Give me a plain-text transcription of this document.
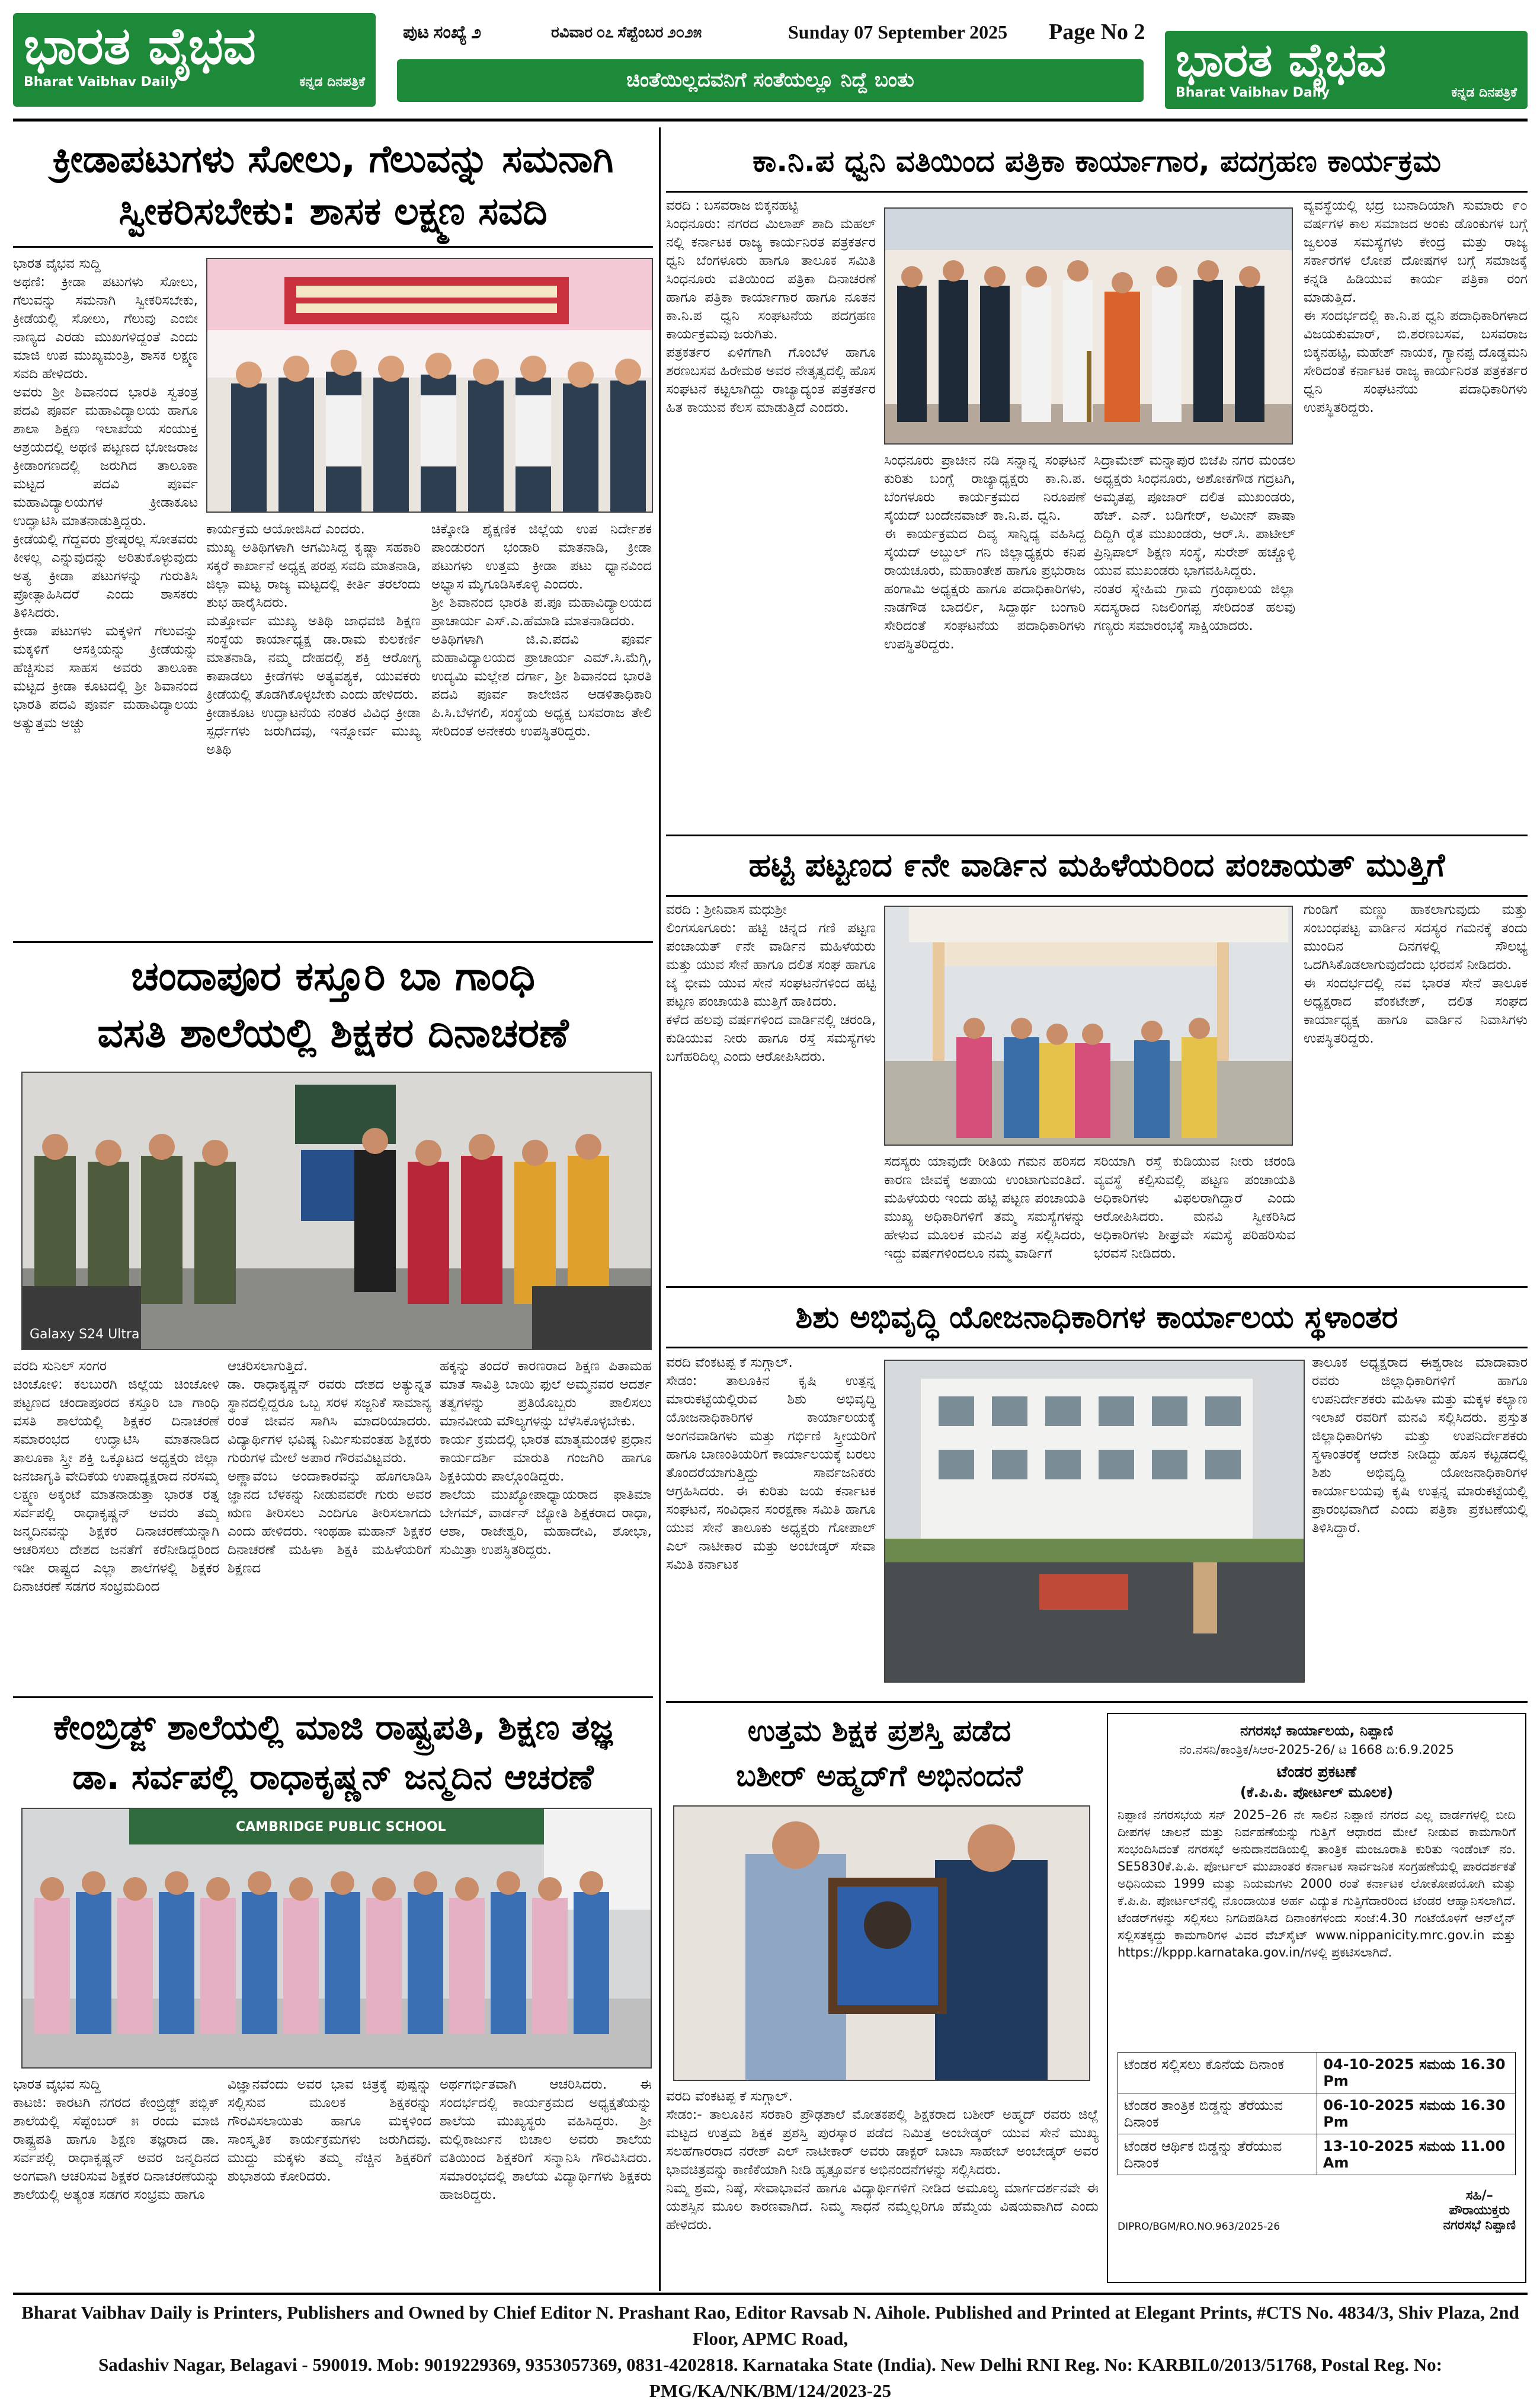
ಭಾರತ ವೈಭವ
Bharat Vaibhav Daily	ಕನ್ನಡ ದಿನಪತ್ರಿಕೆ
ಪುಟ ಸಂಖ್ಯೆ ೨	ರವಿವಾರ ೦೭ ಸೆಪ್ಟೆಂಬರ ೨೦೨೫	Sunday 07 September 2025 Page No 2
ಚಿಂತೆಯಿಲ್ಲದವನಿಗೆ ಸಂತೆಯಲ್ಲೂ ನಿದ್ದೆ ಬಂತು	ಭಾರತ ವೈಭವ
Bharat Vaibhav Daily	ಕನ್ನಡ ದಿನಪತ್ರಿಕೆ
ಕ್ರೀಡಾಪಟುಗಳು ಸೋಲು, ಗೆಲುವನ್ನು ಸಮನಾಗಿ
ಸ್ವೀಕರಿಸಬೇಕು: ಶಾಸಕ ಲಕ್ಷ್ಮಣ ಸವದಿ
ಭಾರತ ವೈಭವ ಸುದ್ದಿ
ಅಥಣಿ: ಕ್ರೀಡಾ ಪಟುಗಳು ಸೋಲು, ಗೆಲುವನ್ನು ಸಮನಾಗಿ ಸ್ವೀಕರಿಸಬೇಕು, ಕ್ರೀಡೆಯಲ್ಲಿ ಸೋಲು, ಗೆಲುವು ಎಂಬೀ ನಾಣ್ಯದ ಎರಡು ಮುಖಗಳಿದ್ದಂತೆ ಎಂದು ಮಾಜಿ ಉಪ ಮುಖ್ಯಮಂತ್ರಿ, ಶಾಸಕ ಲಕ್ಷ್ಮಣ ಸವದಿ ಹೇಳಿದರು.
ಅವರು ಶ್ರೀ ಶಿವಾನಂದ ಭಾರತಿ ಸ್ವತಂತ್ರ ಪದವಿ ಪೂರ್ವ ಮಹಾವಿದ್ಯಾಲಯ ಹಾಗೂ ಶಾಲಾ ಶಿಕ್ಷಣ ಇಲಾಖೆಯ ಸಂಯುಕ್ತ ಆಶ್ರಯದಲ್ಲಿ ಅಥಣಿ ಪಟ್ಟಣದ ಭೋಜರಾಜ ಕ್ರೀಡಾಂಗಣದಲ್ಲಿ ಜರುಗಿದ ತಾಲೂಕಾ ಮಟ್ಟದ ಪದವಿ ಪೂರ್ವ ಮಹಾವಿದ್ಯಾಲಯಗಳ ಕ್ರೀಡಾಕೂಟ ಉದ್ಘಾಟಿಸಿ ಮಾತನಾಡುತ್ತಿದ್ದರು.
ಕ್ರೀಡೆಯಲ್ಲಿ ಗೆದ್ದವರು ಶ್ರೇಷ್ಠರಲ್ಲ ಸೋತವರು ಕೀಳಲ್ಲ ಎನ್ನುವುದನ್ನು ಅರಿತುಕೊಳ್ಳುವುದು ಅತ್ಯ ಕ್ರೀಡಾ ಪಟುಗಳನ್ನು ಗುರುತಿಸಿ ಪ್ರೋತ್ಸಾಹಿಸಿದರೆ ಎಂದು ಶಾಸಕರು ತಿಳಿಸಿದರು.
ಕ್ರೀಡಾ ಪಟುಗಳು ಮಕ್ಕಳಿಗೆ ಗೆಲುವನ್ನು ಮಕ್ಕಳಿಗೆ ಆಸಕ್ತಿಯನ್ನು ಕ್ರೀಡೆಯನ್ನು ಹೆಚ್ಚಿಸುವ ಸಾಹಸ ಅವರು ತಾಲೂಕಾ ಮಟ್ಟದ ಕ್ರೀಡಾ ಕೂಟದಲ್ಲಿ ಶ್ರೀ ಶಿವಾನಂದ ಭಾರತಿ ಪದವಿ ಪೂರ್ವ ಮಹಾವಿದ್ಯಾಲಯ ಅತ್ಯುತ್ತಮ ಅಚ್ಚು
ಕಾರ್ಯಕ್ರಮ ಆಯೋಜಿಸಿದೆ ಎಂದರು.
ಮುಖ್ಯ ಅತಿಥಿಗಳಾಗಿ ಆಗಮಿಸಿದ್ದ ಕೃಷ್ಣಾ ಸಹಕಾರಿ ಸಕ್ಕರೆ ಕಾರ್ಖಾನೆ ಅಧ್ಯಕ್ಷ ಪರಪ್ಪ ಸವದಿ ಮಾತನಾಡಿ, ಜಿಲ್ಲಾ ಮಟ್ಟ ರಾಜ್ಯ ಮಟ್ಟದಲ್ಲಿ ಕೀರ್ತಿ ತರಲೆಂದು ಶುಭ ಹಾರೈಸಿದರು.
ಮತ್ತೋರ್ವ ಮುಖ್ಯ ಅತಿಥಿ ಜಾಧವಜಿ ಶಿಕ್ಷಣ ಸಂಸ್ಥೆಯ ಕಾರ್ಯಾಧ್ಯಕ್ಷ ಡಾ.ರಾಮ ಕುಲಕರ್ಣಿ ಮಾತನಾಡಿ, ನಮ್ಮ ದೇಹದಲ್ಲಿ ಶಕ್ತಿ ಆರೋಗ್ಯ ಕಾಪಾಡಲು ಕ್ರೀಡೆಗಳು ಅತ್ಯವಶ್ಯಕ, ಯುವಕರು ಕ್ರೀಡೆಯಲ್ಲಿ ತೊಡಗಿಕೊಳ್ಳಬೇಕು ಎಂದು ಹೇಳಿದರು.
ಕ್ರೀಡಾಕೂಟ ಉದ್ಘಾಟನೆಯ ನಂತರ ವಿವಿಧ ಕ್ರೀಡಾ ಸ್ಪರ್ಧೆಗಳು ಜರುಗಿದವು, ಇನ್ನೋರ್ವ ಮುಖ್ಯ ಅತಿಥಿ
ಚಿಕ್ಕೋಡಿ ಶೈಕ್ಷಣಿಕ ಜಿಲ್ಲೆಯ ಉಪ ನಿರ್ದೇಶಕ ಪಾಂಡುರಂಗ ಭಂಡಾರಿ ಮಾತನಾಡಿ, ಕ್ರೀಡಾ ಪಟುಗಳು ಉತ್ತಮ ಕ್ರೀಡಾ ಪಟು ಧ್ಯಾನವಿಂದ ಅಭ್ಯಾಸ ಮೈಗೂಡಿಸಿಕೊಳ್ಳಿ ಎಂದರು.
ಶ್ರೀ ಶಿವಾನಂದ ಭಾರತಿ ಪ.ಪೂ ಮಹಾವಿದ್ಯಾಲಯದ ಪ್ರಾಚಾರ್ಯ ಎಸ್.ಎ.ಹೆಮಾಡಿ ಮಾತನಾಡಿದರು.
ಅತಿಥಿಗಳಾಗಿ ಜಿ.ಎ.ಪದವಿ ಪೂರ್ವ ಮಹಾವಿದ್ಯಾಲಯದ ಪ್ರಾಚಾರ್ಯ ಎಮ್.ಸಿ.ಮೆಗ್ಗಿ, ಉದ್ಯಮಿ ಮಲ್ಲೇಶ ದರ್ಗಾ, ಶ್ರೀ ಶಿವಾನಂದ ಭಾರತಿ ಪದವಿ ಪೂರ್ವ ಕಾಲೇಜಿನ ಆಡಳಿತಾಧಿಕಾರಿ ಪಿ.ಸಿ.ಬೆಳಗಲಿ, ಸಂಸ್ಥೆಯ ಅಧ್ಯಕ್ಷ ಬಸವರಾಜ ತೇಲಿ ಸೇರಿದಂತೆ ಅನೇಕರು ಉಪಸ್ಥಿತರಿದ್ದರು.
ಚಂದಾಪೂರ ಕಸ್ತೂರಿ ಬಾ ಗಾಂಧಿ
ವಸತಿ ಶಾಲೆಯಲ್ಲಿ ಶಿಕ್ಷಕರ ದಿನಾಚರಣೆ
Galaxy S24 Ultra
ವರದಿ ಸುನಿಲ್ ಸಂಗರ
ಚಿಂಚೋಳಿ: ಕಲಬುರಗಿ ಜಿಲ್ಲೆಯ ಚಿಂಚೋಳಿ ಪಟ್ಟಣದ ಚಂದಾಪೂರದ ಕಸ್ತೂರಿ ಬಾ ಗಾಂಧಿ ವಸತಿ ಶಾಲೆಯಲ್ಲಿ ಶಿಕ್ಷಕರ ದಿನಾಚರಣೆ ಸಮಾರಂಭದ ಉದ್ಘಾಟಿಸಿ ಮಾತನಾಡಿದ ತಾಲೂಕಾ ಸ್ತ್ರೀ ಶಕ್ತಿ ಒಕ್ಕೂಟದ ಅಧ್ಯಕ್ಷರು ಜಿಲ್ಲಾ ಜನಜಾಗೃತಿ ವೇದಿಕೆಯ ಉಪಾಧ್ಯಕ್ಷರಾದ ನರಸಮ್ಮ ಲಕ್ಷ್ಮಣ ಅಕ್ಕಂಟೆ ಮಾತನಾಡುತ್ತಾ ಭಾರತ ರತ್ನ ಸರ್ವಪಲ್ಲಿ ರಾಧಾಕೃಷ್ಣನ್ ಅವರು ತಮ್ಮ ಜನ್ಮದಿನವನ್ನು ಶಿಕ್ಷಕರ ದಿನಾಚರಣೆಯನ್ನಾಗಿ ಆಚರಿಸಲು ದೇಶದ ಜನತೆಗೆ ಕರೆನೀಡಿದ್ದರಿಂದ ಇಡೀ ರಾಷ್ಟ್ರದ ಎಲ್ಲಾ ಶಾಲೆಗಳಲ್ಲಿ ಶಿಕ್ಷಕರ ದಿನಾಚರಣೆ ಸಡಗರ ಸಂಭ್ರಮದಿಂದ
ಆಚರಿಸಲಾಗುತ್ತಿದೆ.
ಡಾ. ರಾಧಾಕೃಷ್ಣನ್ ರವರು ದೇಶದ ಅತ್ಯುನ್ನತ ಸ್ಥಾನದಲ್ಲಿದ್ದರೂ ಒಬ್ಬ ಸರಳ ಸಜ್ಜನಿಕೆ ಸಾಮಾನ್ಯ ರಂತೆ ಜೀವನ ಸಾಗಿಸಿ ಮಾದರಿಯಾದರು. ವಿದ್ಯಾರ್ಥಿಗಳ ಭವಿಷ್ಯ ನಿರ್ಮಿಸುವಂತಹ ಶಿಕ್ಷಕರು ಗುರುಗಳ ಮೇಲೆ ಅಪಾರ ಗೌರವವಿಟ್ಟವರು.
ಅಣ್ಣಾವೆಂಬ ಅಂದಾಕಾರವನ್ನು ಹೊಗಲಾಡಿಸಿ ಜ್ಞಾನದ ಬೆಳಕನ್ನು ನೀಡುವವರೇ ಗುರು ಅವರ ಋಣ ತೀರಿಸಲು ಎಂದಿಗೂ ತೀರಿಸಲಾಗದು ಎಂದು ಹೇಳಿದರು. ಇಂಥಹಾ ಮಹಾನ್ ಶಿಕ್ಷಕರ ದಿನಾಚರಣೆ ಮಹಿಳಾ ಶಿಕ್ಷಕಿ ಮಹಿಳೆಯರಿಗೆ ಶಿಕ್ಷಣದ
ಹಕ್ಕನ್ನು ತಂದರೆ ಕಾರಣರಾದ ಶಿಕ್ಷಣ ಪಿತಾಮಹ ಮಾತೆ ಸಾವಿತ್ರಿ ಬಾಯಿ ಫುಲೆ ಅಮ್ಮನವರ ಆದರ್ಶ ತತ್ವಗಳನ್ನು ಪ್ರತಿಯೊಬ್ಬರು ಪಾಲಿಸಲು ಮಾನವೀಯ ಮೌಲ್ಯಗಳನ್ನು ಬೆಳೆಸಿಕೊಳ್ಳಬೇಕು.
ಕಾರ್ಯ ಕ್ರಮದಲ್ಲಿ ಭಾರತ ಮಾತೃಮಂಡಳಿ ಪ್ರಧಾನ ಕಾರ್ಯದರ್ಶಿ ಮಾರುತಿ ಗಂಜಗಿರಿ ಹಾಗೂ ಶಿಕ್ಷಕಿಯರು ಪಾಲ್ಗೊಂಡಿದ್ದರು.
ಶಾಲೆಯ ಮುಖ್ಯೋಪಾಧ್ಯಾಯರಾದ ಫಾತಿಮಾ ಬೇಗಮ್, ವಾರ್ಡನ್ ಜ್ಯೋತಿ ಶಿಕ್ಷಕರಾದ ರಾಧಾ, ಆಶಾ, ರಾಜೇಶ್ವರಿ, ಮಹಾದೇವಿ, ಶೋಭಾ, ಸುಮಿತ್ರಾ ಉಪಸ್ಥಿತರಿದ್ದರು.
ಕೇಂಬ್ರಿಡ್ಜ್ ಶಾಲೆಯಲ್ಲಿ ಮಾಜಿ ರಾಷ್ಟ್ರಪತಿ, ಶಿಕ್ಷಣ ತಜ್ಞ
ಡಾ. ಸರ್ವಪಲ್ಲಿ ರಾಧಾಕೃಷ್ಣನ್ ಜನ್ಮದಿನ ಆಚರಣೆ
CAMBRIDGE PUBLIC SCHOOL
ಭಾರತ ವೈಭವ ಸುದ್ದಿ
ಕಾಟಜಿ: ಕಾರಟಗಿ ನಗರದ ಕೇಂಬ್ರಿಡ್ಜ್ ಪಬ್ಲಿಕ್ ಶಾಲೆಯಲ್ಲಿ ಸೆಪ್ಟೆಂಬರ್ ೫ ರಂದು ಮಾಜಿ ರಾಷ್ಟ್ರಪತಿ ಹಾಗೂ ಶಿಕ್ಷಣ ತಜ್ಞರಾದ ಡಾ. ಸರ್ವಪಲ್ಲಿ ರಾಧಾಕೃಷ್ಣನ್ ಅವರ ಜನ್ಮದಿನದ ಅಂಗವಾಗಿ ಆಚರಿಸುವ ಶಿಕ್ಷಕರ ದಿನಾಚರಣೆಯನ್ನು ಶಾಲೆಯಲ್ಲಿ ಅತ್ಯಂತ ಸಡಗರ ಸಂಭ್ರಮ ಹಾಗೂ
ವಿಜ್ಞಾನವೆಂದು ಅವರ ಭಾವ ಚಿತ್ರಕ್ಕೆ ಪುಷ್ಪನ್ನು ಸಲ್ಲಿಸುವ ಮೂಲಕ ಶಿಕ್ಷಕರನ್ನು ಗೌರವಿಸಲಾಯಿತು ಹಾಗೂ ಮಕ್ಕಳಿಂದ ಸಾಂಸ್ಕೃತಿಕ ಕಾರ್ಯಕ್ರಮಗಳು ಜರುಗಿದವು. ಮುದ್ದು ಮಕ್ಕಳು ತಮ್ಮ ನೆಚ್ಚಿನ ಶಿಕ್ಷಕರಿಗೆ ಶುಭಾಶಯ ಕೋರಿದರು.
ಅರ್ಥಗರ್ಭಿತವಾಗಿ ಆಚರಿಸಿದರು. ಈ ಸಂದರ್ಭದಲ್ಲಿ ಕಾರ್ಯಕ್ರಮದ ಅಧ್ಯಕ್ಷತೆಯನ್ನು ಶಾಲೆಯ ಮುಖ್ಯಸ್ಥರು ವಹಿಸಿದ್ದರು. ಶ್ರೀ ಮಲ್ಲಿಕಾರ್ಜುನ ಬಿಚಾಲ ಅವರು ಶಾಲೆಯ ವತಿಯಿಂದ ಶಿಕ್ಷಕರಿಗೆ ಸನ್ಮಾನಿಸಿ ಗೌರವಿಸಿದರು. ಸಮಾರಂಭದಲ್ಲಿ ಶಾಲೆಯ ವಿದ್ಯಾರ್ಥಿಗಳು ಶಿಕ್ಷಕರು ಹಾಜರಿದ್ದರು.
ಕಾ.ನಿ.ಪ ಧ್ವನಿ ವತಿಯಿಂದ ಪತ್ರಿಕಾ ಕಾರ್ಯಾಗಾರ, ಪದಗ್ರಹಣ ಕಾರ್ಯಕ್ರಮ
ವರದಿ : ಬಸವರಾಜ ಬಿಕ್ಕನಹಟ್ಟಿ
ಸಿಂಧನೂರು: ನಗರದ ಮಿಲಾಪ್ ಶಾದಿ ಮಹಲ್ ನಲ್ಲಿ ಕರ್ನಾಟಕ ರಾಜ್ಯ ಕಾರ್ಯನಿರತ ಪತ್ರಕರ್ತರ ಧ್ವನಿ ಬೆಂಗಳೂರು ಹಾಗೂ ತಾಲೂಕ ಸಮಿತಿ ಸಿಂಧನೂರು ವತಿಯಿಂದ ಪತ್ರಿಕಾ ದಿನಾಚರಣೆ ಹಾಗೂ ಪತ್ರಿಕಾ ಕಾರ್ಯಾಗಾರ ಹಾಗೂ ನೂತನ ಕಾ.ನಿ.ಪ ಧ್ವನಿ ಸಂಘಟನೆಯ ಪದಗ್ರಹಣ ಕಾರ್ಯಕ್ರಮವು ಜರುಗಿತು.
ಪತ್ರಕರ್ತರ ಏಳಿಗೆಗಾಗಿ ಗೊಂಬೆಳ ಹಾಗೂ ಶರಣಬಸವ ಹಿರೇಮಠ ಅವರ ನೇತೃತ್ವದಲ್ಲಿ ಹೊಸ ಸಂಘಟನೆ ಕಟ್ಟಲಾಗಿದ್ದು ರಾಜ್ಯಾದ್ಯಂತ ಪತ್ರಕರ್ತರ ಹಿತ ಕಾಯುವ ಕೆಲಸ ಮಾಡುತ್ತಿದೆ ಎಂದರು.
ಸಿಂಧನೂರು ಪ್ರಾಚೀನ ನಡಿ ಸನ್ನಾನ್ನ ಸಂಘಟನೆ ಕುರಿತು ಬಂಗ್ಲೆ ರಾಜ್ಯಾಧ್ಯಕ್ಷರು ಕಾ.ನಿ.ಪ. ಬೆಂಗಳೂರು ಕಾರ್ಯಕ್ರಮದ ನಿರೂಪಣೆ ಸೈಯದ್ ಬಂದೇನವಾಜ್ ಕಾ.ನಿ.ಪ. ಧ್ವನಿ.
ಈ ಕಾರ್ಯಕ್ರಮದ ದಿವ್ಯ ಸಾನ್ನಿಧ್ಯ ವಹಿಸಿದ್ದ ಸೈಯದ್ ಅಬ್ದುಲ್ ಗನಿ ಜಿಲ್ಲಾಧ್ಯಕ್ಷರು ಕನಿಪ ರಾಯಚೂರು, ಮಹಾಂತೇಶ ಹಾಗೂ ಪ್ರಭುರಾಜ ಹಂಗಾಮಿ ಅಧ್ಯಕ್ಷರು ಹಾಗೂ ಪದಾಧಿಕಾರಿಗಳು, ನಾಡಗೌಡ ಬಾದರ್ಲಿ, ಸಿದ್ದಾರ್ಥ ಬಂಗಾರಿ ಸೇರಿದಂತೆ ಸಂಘಟನೆಯ ಪದಾಧಿಕಾರಿಗಳು ಉಪಸ್ಥಿತರಿದ್ದರು.
ಸಿದ್ರಾಮೇಶ್ ಮನ್ನಾಪುರ ಬಿಜೆಪಿ ನಗರ ಮಂಡಲ ಅಧ್ಯಕ್ಷರು ಸಿಂಧನೂರು, ಅಶೋಕಗೌಡ ಗದ್ರಟಗಿ, ಅಮೃತಪ್ಪ ಪೂಜಾರ್ ದಲಿತ ಮುಖಂಡರು, ಹೆಚ್. ಎನ್. ಬಡಿಗೇರ್, ಅಮೀನ್ ಪಾಷಾ ದಿದ್ದಿಗಿ ರೈತ ಮುಖಂಡರು, ಆರ್.ಸಿ. ಪಾಟೀಲ್ ಪ್ರಿನ್ಸಿಪಾಲ್ ಶಿಕ್ಷಣ ಸಂಸ್ಥೆ, ಸುರೇಶ್ ಹಚ್ಚೊಳ್ಳಿ ಯುವ ಮುಖಂಡರು ಭಾಗವಹಿಸಿದ್ದರು.
ನಂತರ ಸ್ನೇಹಿಮ ಗ್ರಾಮ ಗ್ರಂಥಾಲಯ ಜಿಲ್ಲಾ ಸದಸ್ಯರಾದ ನಿಜಲಿಂಗಪ್ಪ ಸೇರಿದಂತೆ ಹಲವು ಗಣ್ಯರು ಸಮಾರಂಭಕ್ಕೆ ಸಾಕ್ಷಿಯಾದರು.
ವ್ಯವಸ್ಥೆಯಲ್ಲಿ ಭದ್ರ ಬುನಾದಿಯಾಗಿ ಸುಮಾರು ೯೦ ವರ್ಷಗಳ ಕಾಲ ಸಮಾಜದ ಅಂಕು ಡೊಂಕುಗಳ ಬಗ್ಗೆ ಜ್ವಲಂತ ಸಮಸ್ಯೆಗಳು ಕೇಂದ್ರ ಮತ್ತು ರಾಜ್ಯ ಸರ್ಕಾರಗಳ ಲೋಪ ದೋಷಗಳ ಬಗ್ಗೆ ಸಮಾಜಕ್ಕೆ ಕನ್ನಡಿ ಹಿಡಿಯುವ ಕಾರ್ಯ ಪತ್ರಿಕಾ ರಂಗ ಮಾಡುತ್ತಿದೆ.
ಈ ಸಂದರ್ಭದಲ್ಲಿ ಕಾ.ನಿ.ಪ ಧ್ವನಿ ಪದಾಧಿಕಾರಿಗಳಾದ ವಿಜಯಕುಮಾರ್, ಬಿ.ಶರಣಬಸವ, ಬಸವರಾಜ ಬಿಕ್ಕನಹಟ್ಟಿ, ಮಹೇಶ್ ನಾಯಕ, ಗ್ಯಾನಪ್ಪ ದೊಡ್ಡಮನಿ ಸೇರಿದಂತೆ ಕರ್ನಾಟಕ ರಾಜ್ಯ ಕಾರ್ಯನಿರತ ಪತ್ರಕರ್ತರ ಧ್ವನಿ ಸಂಘಟನೆಯ ಪದಾಧಿಕಾರಿಗಳು ಉಪಸ್ಥಿತರಿದ್ದರು.
ಹಟ್ಟಿ ಪಟ್ಟಣದ ೯ನೇ ವಾರ್ಡಿನ ಮಹಿಳೆಯರಿಂದ ಪಂಚಾಯತ್ ಮುತ್ತಿಗೆ
ವರದಿ : ಶ್ರೀನಿವಾಸ ಮಧುಶ್ರೀ
ಲಿಂಗಸೂಗೂರು: ಹಟ್ಟಿ ಚಿನ್ನದ ಗಣಿ ಪಟ್ಟಣ ಪಂಚಾಯತ್ ೯ನೇ ವಾರ್ಡಿನ ಮಹಿಳೆಯರು ಮತ್ತು ಯುವ ಸೇನೆ ಹಾಗೂ ದಲಿತ ಸಂಘ ಹಾಗೂ ಜೈ ಭೀಮ ಯುವ ಸೇನೆ ಸಂಘಟನೆಗಳಿಂದ ಹಟ್ಟಿ ಪಟ್ಟಣ ಪಂಚಾಯತಿ ಮುತ್ತಿಗೆ ಹಾಕಿದರು.
ಕಳೆದ ಹಲವು ವರ್ಷಗಳಿಂದ ವಾರ್ಡಿನಲ್ಲಿ ಚರಂಡಿ, ಕುಡಿಯುವ ನೀರು ಹಾಗೂ ರಸ್ತೆ ಸಮಸ್ಯೆಗಳು ಬಗೆಹರಿದಿಲ್ಲ ಎಂದು ಆರೋಪಿಸಿದರು.
ಸದಸ್ಯರು ಯಾವುದೇ ರೀತಿಯ ಗಮನ ಹರಿಸದ ಕಾರಣ ಜೀವಕ್ಕೆ ಅಪಾಯ ಉಂಟಾಗುವಂತಿದೆ. ಮಹಿಳೆಯರು ಇಂದು ಹಟ್ಟಿ ಪಟ್ಟಣ ಪಂಚಾಯತಿ ಮುಖ್ಯ ಅಧಿಕಾರಿಗಳಿಗೆ ತಮ್ಮ ಸಮಸ್ಯೆಗಳನ್ನು ಹೇಳುವ ಮೂಲಕ ಮನವಿ ಪತ್ರ ಸಲ್ಲಿಸಿದರು, ಇದ್ದು ವರ್ಷಗಳಿಂದಲೂ ನಮ್ಮ ವಾರ್ಡಿಗೆ
ಸರಿಯಾಗಿ ರಸ್ತೆ ಕುಡಿಯುವ ನೀರು ಚರಂಡಿ ವ್ಯವಸ್ಥೆ ಕಲ್ಪಿಸುವಲ್ಲಿ ಪಟ್ಟಣ ಪಂಚಾಯತಿ ಅಧಿಕಾರಿಗಳು ವಿಫಲರಾಗಿದ್ದಾರೆ ಎಂದು ಆರೋಪಿಸಿದರು. ಮನವಿ ಸ್ವೀಕರಿಸಿದ ಅಧಿಕಾರಿಗಳು ಶೀಘ್ರವೇ ಸಮಸ್ಯೆ ಪರಿಹರಿಸುವ ಭರವಸೆ ನೀಡಿದರು.
ಗುಂಡಿಗೆ ಮಣ್ಣು ಹಾಕಲಾಗುವುದು ಮತ್ತು ಸಂಬಂಧಪಟ್ಟ ವಾರ್ಡಿನ ಸದಸ್ಯರ ಗಮನಕ್ಕೆ ತಂದು ಮುಂದಿನ ದಿನಗಳಲ್ಲಿ ಸೌಲಭ್ಯ ಒದಗಿಸಿಕೊಡಲಾಗುವುದೆಂದು ಭರವಸೆ ನೀಡಿದರು.
ಈ ಸಂದರ್ಭದಲ್ಲಿ ನವ ಭಾರತ ಸೇನೆ ತಾಲೂಕ ಅಧ್ಯಕ್ಷರಾದ ವೆಂಕಟೇಶ್, ದಲಿತ ಸಂಘದ ಕಾರ್ಯಾಧ್ಯಕ್ಷ ಹಾಗೂ ವಾರ್ಡಿನ ನಿವಾಸಿಗಳು ಉಪಸ್ಥಿತರಿದ್ದರು.
ಶಿಶು ಅಭಿವೃದ್ಧಿ ಯೋಜನಾಧಿಕಾರಿಗಳ ಕಾರ್ಯಾಲಯ ಸ್ಥಳಾಂತರ
ವರದಿ ವೆಂಕಟಪ್ಪ ಕೆ ಸುಗ್ಗಾಲ್.
ಸೇಡಂ: ತಾಲೂಕಿನ ಕೃಷಿ ಉತ್ಪನ್ನ ಮಾರುಕಟ್ಟೆಯಲ್ಲಿರುವ ಶಿಶು ಅಭಿವೃದ್ಧಿ ಯೋಜನಾಧಿಕಾರಿಗಳ ಕಾರ್ಯಾಲಯಕ್ಕೆ ಅಂಗನವಾಡಿಗಳು ಮತ್ತು ಗರ್ಭಿಣಿ ಸ್ತ್ರೀಯರಿಗೆ ಹಾಗೂ ಬಾಣಂತಿಯರಿಗೆ ಕಾರ್ಯಾಲಯಕ್ಕೆ ಬರಲು ತೊಂದರೆಯಾಗುತ್ತಿದ್ದು ಸಾರ್ವಜನಿಕರು ಆಗ್ರಹಿಸಿದರು. ಈ ಕುರಿತು ಜಯ ಕರ್ನಾಟಕ ಸಂಘಟನೆ, ಸಂವಿಧಾನ ಸಂರಕ್ಷಣಾ ಸಮಿತಿ ಹಾಗೂ ಯುವ ಸೇನೆ ತಾಲೂಕು ಅಧ್ಯಕ್ಷರು ಗೋಪಾಲ್ ಎಲ್ ನಾಟೀಕಾರ ಮತ್ತು ಅಂಬೇಡ್ಕರ್ ಸೇವಾ ಸಮಿತಿ ಕರ್ನಾಟಕ
ತಾಲೂಕ ಅಧ್ಯಕ್ಷರಾದ ಈಶ್ವರಾಜ ಮಾದಾವಾರ ರವರು ಜಿಲ್ಲಾಧಿಕಾರಿಗಳಿಗೆ ಹಾಗೂ ಉಪನಿರ್ದೇಶಕರು ಮಹಿಳಾ ಮತ್ತು ಮಕ್ಕಳ ಕಲ್ಯಾಣ ಇಲಾಖೆ ರವರಿಗೆ ಮನವಿ ಸಲ್ಲಿಸಿದರು. ಪ್ರಸ್ತುತ ಜಿಲ್ಲಾಧಿಕಾರಿಗಳು ಮತ್ತು ಉಪನಿರ್ದೇಶಕರು ಸ್ಥಳಾಂತರಕ್ಕೆ ಆದೇಶ ನೀಡಿದ್ದು ಹೊಸ ಕಟ್ಟಡದಲ್ಲಿ ಶಿಶು ಅಭಿವೃದ್ಧಿ ಯೋಜನಾಧಿಕಾರಿಗಳ ಕಾರ್ಯಾಲಯವು ಕೃಷಿ ಉತ್ಪನ್ನ ಮಾರುಕಟ್ಟೆಯಲ್ಲಿ ಪ್ರಾರಂಭವಾಗಿದೆ ಎಂದು ಪತ್ರಿಕಾ ಪ್ರಕಟಣೆಯಲ್ಲಿ ತಿಳಿಸಿದ್ದಾರೆ.
ಉತ್ತಮ ಶಿಕ್ಷಕ ಪ್ರಶಸ್ತಿ ಪಡೆದ
ಬಶೀರ್ ಅಹ್ಮದ್‌ಗೆ ಅಭಿನಂದನೆ
ವರದಿ ವೆಂಕಟಪ್ಪ ಕೆ ಸುಗ್ಗಾಲ್.
ಸೇಡಂ:- ತಾಲೂಕಿನ ಸರಕಾರಿ ಪ್ರೌಢಶಾಲೆ ಮೋತಕಪಲ್ಲಿ ಶಿಕ್ಷಕರಾದ ಬಶೀರ್ ಅಹ್ಮದ್ ರವರು ಜಿಲ್ಲೆ ಮಟ್ಟದ ಉತ್ತಮ ಶಿಕ್ಷಕ ಪ್ರಶಸ್ತಿ ಪುರಸ್ಕಾರ ಪಡೆದ ನಿಮಿತ್ತ ಅಂಬೇಡ್ಕರ್ ಯುವ ಸೇನೆ ಮುಖ್ಯ ಸಲಹೆಗಾರರಾದ ನರೇಶ್ ಎಲ್ ನಾಟೀಕಾರ್ ಅವರು ಡಾಕ್ಟರ್ ಬಾಬಾ ಸಾಹೇಬ್ ಅಂಬೇಡ್ಕರ್ ಅವರ ಭಾವಚಿತ್ರವನ್ನು ಕಾಣಿಕೆಯಾಗಿ ನೀಡಿ ಹೃತ್ಪೂರ್ವಕ ಅಭಿನಂದನೆಗಳನ್ನು ಸಲ್ಲಿಸಿದರು.
ನಿಮ್ಮ ಶ್ರಮ, ನಿಷ್ಠೆ, ಸೇವಾಭಾವನೆ ಹಾಗೂ ವಿದ್ಯಾರ್ಥಿಗಳಿಗೆ ನೀಡಿದ ಅಮೂಲ್ಯ ಮಾರ್ಗದರ್ಶನವೇ ಈ ಯಶಸ್ಸಿನ ಮೂಲ ಕಾರಣವಾಗಿದೆ. ನಿಮ್ಮ ಸಾಧನೆ ನಮ್ಮೆಲ್ಲರಿಗೂ ಹೆಮ್ಮೆಯ ವಿಷಯವಾಗಿದೆ ಎಂದು ಹೇಳಿದರು.
ನಗರಸಭೆ ಕಾರ್ಯಾಲಯ, ನಿಪ್ಪಾಣಿ
ನಂ.ನಸನಿ/ಕಾಂತ್ರಿಕ/ಸಿಆರ-2025-26/ ಟ 1668 ದಿ:6.9.2025
ಟೆಂಡರ ಪ್ರಕಟಣೆ
(ಕೆ.ಪಿ.ಪಿ. ಪೋರ್ಟಲ್ ಮೂಲಕ)
ನಿಪ್ಪಾಣಿ ನಗರಸಭೆಯ ಸನ್ 2025–26 ನೇ ಸಾಲಿನ ನಿಪ್ಪಾಣಿ ನಗರದ ಎಲ್ಲ ವಾರ್ಡಗಳಲ್ಲಿ ಬೀದಿ ದೀಪಗಳ ಚಾಲನೆ ಮತ್ತು ನಿರ್ವಹಣೆಯನ್ನು ಗುತ್ತಿಗೆ ಆಧಾರದ ಮೇಲೆ ನೀಡುವ ಕಾಮಗಾರಿಗೆ ಸಂಭಂದಿಸಿದಂತೆ ನಗರಸಭೆ ಅನುದಾನದಡಿಯಲ್ಲಿ ತಾಂತ್ರಿಕ ಮಂಜೂರಾತಿ ಕುರಿತು ಇಂಡೆಂಟ್ ನಂ. SE5830ಕೆ.ಪಿ.ಪಿ. ಪೋರ್ಟಲ್ ಮುಖಾಂತರ ಕರ್ನಾಟಕ ಸಾರ್ವಜನಿಕ ಸಂಗ್ರಹಣೆಯಲ್ಲಿ ಪಾರದರ್ಶಕತೆ ಅಧಿನಿಯಮ 1999 ಮತ್ತು ನಿಯಮಗಳು 2000 ರಂತೆ ಕರ್ನಾಟಕ ಲೋಕೋಪಯೋಗಿ ಮತ್ತು ಕೆ.ಪಿ.ಪಿ. ಪೋರ್ಟಲ್‌ನಲ್ಲಿ ನೊಂದಾಯಿತ ಅರ್ಹ ವಿದ್ಯುತ ಗುತ್ತಿಗೆದಾರರಿಂದ ಟೆಂಡರ ಆಹ್ವಾನಿಸಲಾಗಿದೆ. ಟೆಂಡರ್‌ಗಳನ್ನು ಸಲ್ಲಿಸಲು ನಿಗದಿಪಡಿಸಿದ ದಿನಾಂಕಗಳಂದು ಸಂಜೆ:4.30 ಗಂಟೆಯೊಳಗೆ ಆನ್‌ಲೈನ್ ಸಲ್ಲಿಸತಕ್ಕದ್ದು ಕಾಮಗಾರಿಗಳ ವಿವರ ವೆಬ್‌ಸೈಟ್ www.nippanicity.mrc.gov.in ಮತ್ತು https://kppp.karnataka.gov.in/ಗಳಲ್ಲಿ ಪ್ರಕಟಿಸಲಾಗಿದೆ.
ಟೆಂಡರ ಸಲ್ಲಿಸಲು ಕೊನೆಯ ದಿನಾಂಕ	04-10-2025 ಸಮಯ 16.30 Pm
ಟೆಂಡರ ತಾಂತ್ರಿಕ ಬಿಡ್ಡನ್ನು ತೆರೆಯುವ ದಿನಾಂಕ
06-10-2025 ಸಮಯ 16.30 Pm
ಟೆಂಡರ ಆರ್ಥಿಕ ಬಿಡ್ಡನ್ನು ತೆರೆಯುವ ದಿನಾಂಕ
13-10-2025 ಸಮಯ 11.00 Am
DIPRO/BGM/RO.NO.963/2025-26
ಸಹಿ/–
ಪೌರಾಯುಕ್ತರು
ನಗರಸಭೆ ನಿಪ್ಪಾಣಿ
Bharat Vaibhav Daily is Printers, Publishers and Owned by Chief Editor N. Prashant Rao, Editor Ravsab N. Aihole. Published and Printed at Elegant Prints, #CTS No. 4834/3, Shiv Plaza, 2nd Floor, APMC Road,
Sadashiv Nagar, Belagavi - 590019. Mob: 9019229369, 9353057369, 0831-4202818. Karnataka State (India). New Delhi RNI Reg. No: KARBIL0/2013/51768, Postal Reg. No: PMG/KA/NK/BM/124/2023-25
